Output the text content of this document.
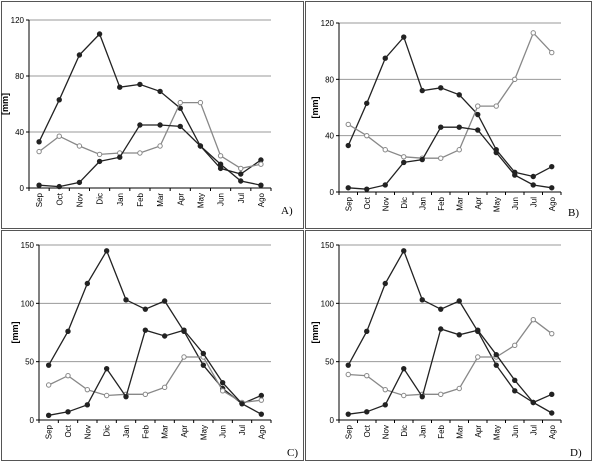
0
40
80
120
Sep Oct Nov Dic Jan Feb Mar Apr May Jun Jul Ago
[mm]
A)
0
40
80
120
Sep Oct Nov Dic Jan Feb Mar Apr May Jun Jul Ago
[mm]
B)
0
50
100
150
Sep Oct Nov Dic Jan Feb Mar Apr May Jun Jul Ago
[mm]
C)
0
50
100
150
Sep Oct Nov Dic Jan Feb Mar Apr May Jun Jul Ago
[mm]
D)
